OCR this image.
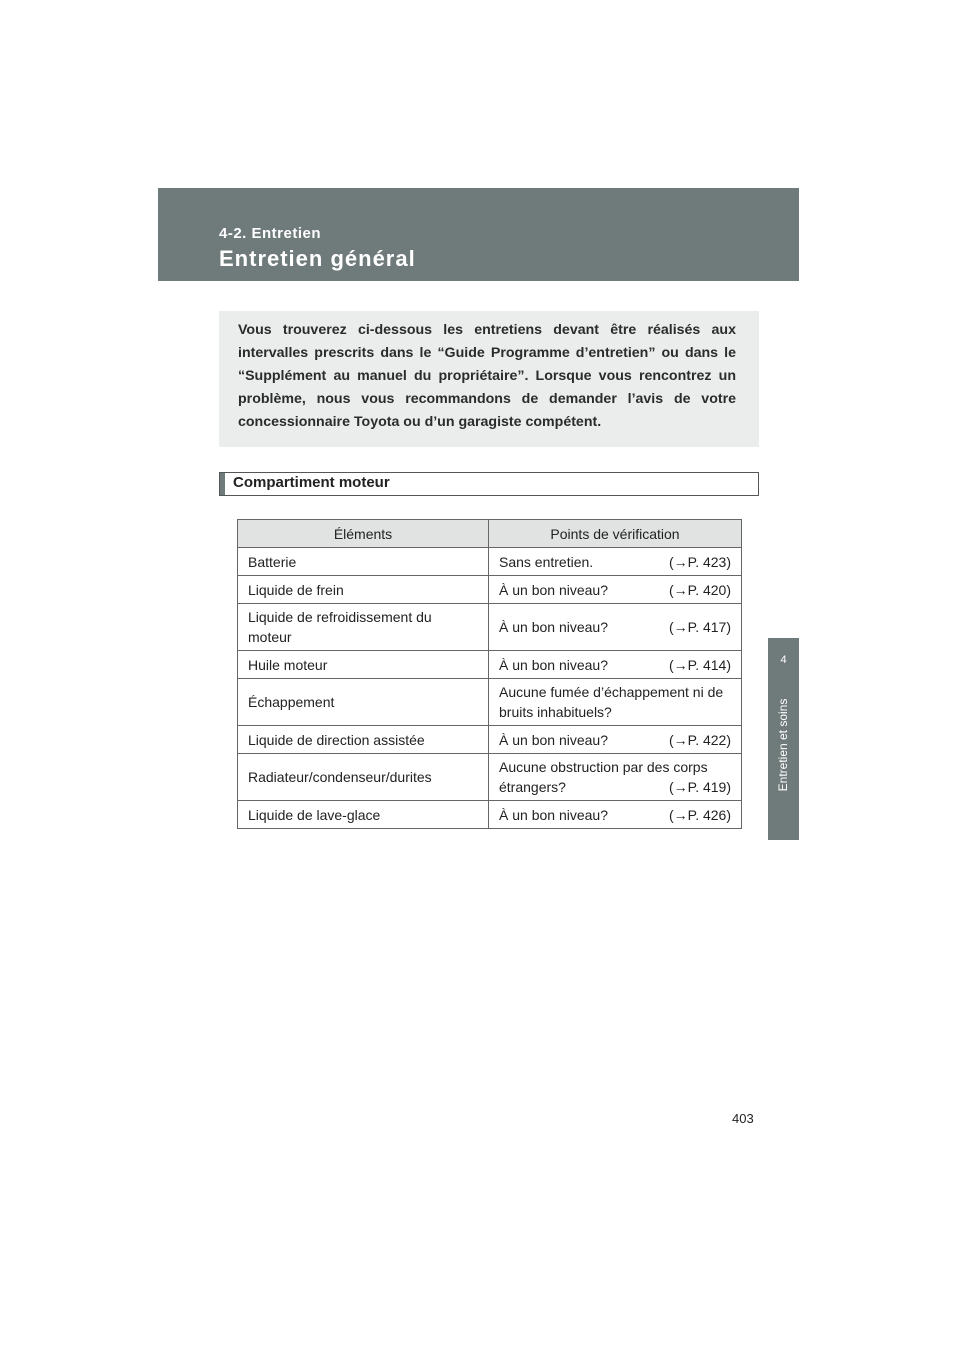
4-2. Entretien
Entretien général
4
Entretien et soins
Vous trouverez ci-dessous les entretiens devant être réalisés aux intervalles prescrits dans le “Guide Programme d’entretien” ou dans le “Supplément au manuel du propriétaire”. Lorsque vous rencontrez un problème, nous vous recommandons de demander l’avis de votre concessionnaire Toyota ou d’un garagiste compétent.
Compartiment moteur
Éléments	Points de vérification
Batterie	Sans entretien. (→P. 423)

Liquide de frein	À un bon niveau? (→P. 420)

Liquide de refroidissement du moteur	À un bon niveau? (→P. 417)

Huile moteur	À un bon niveau? (→P. 414)

Échappement	Aucune fumée d’échappement ni de bruits inhabituels?
Liquide de direction assistée	À un bon niveau? (→P. 422)

Radiateur/condenseur/durites	Aucune obstruction par des corps étrangers? (→P. 419)

Liquide de lave-glace	À un bon niveau? (→P. 426)
403
